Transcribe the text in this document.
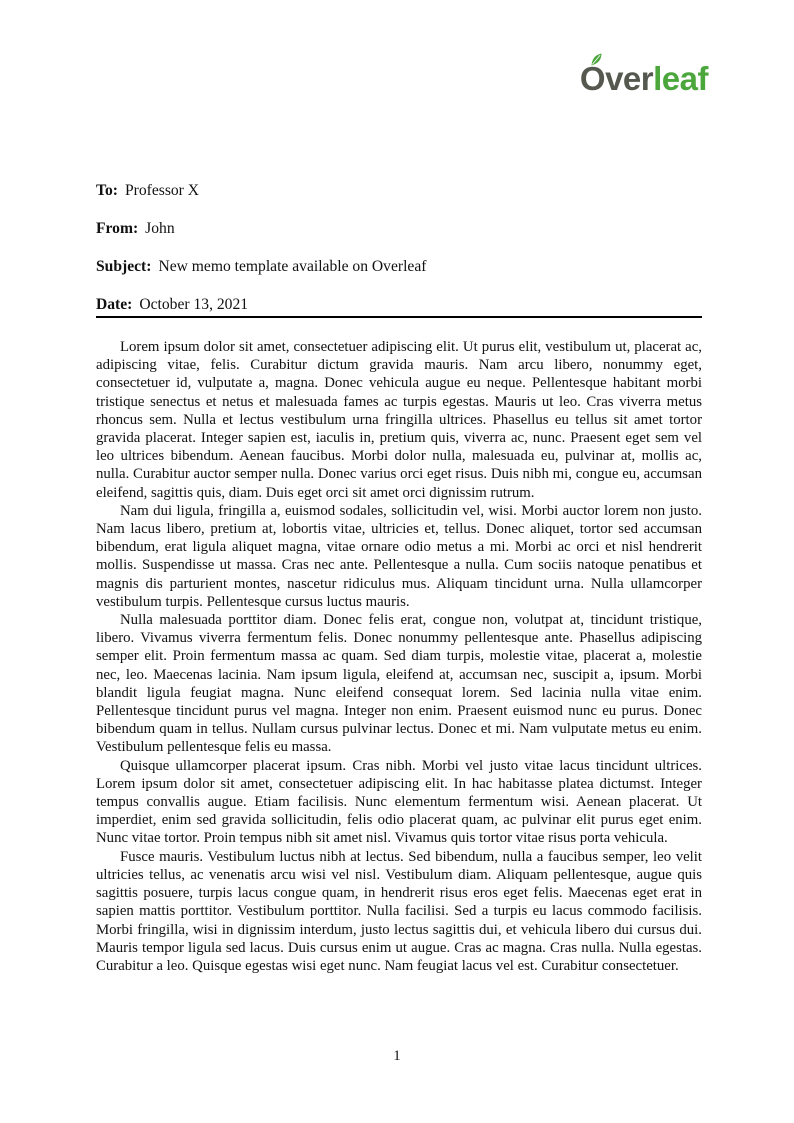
O
verleaf

To: Professor X

From: John

Subject: New memo template available on Overleaf

Date: October 13, 2021

Lorem ipsum dolor sit amet, consectetuer adipiscing elit. Ut purus elit, vestibulum ut, placerat ac, adipiscing vitae, felis. Curabitur dictum gravida mauris. Nam arcu libero, nonummy eget, consectetuer id, vulputate a, magna. Donec vehicula augue eu neque. Pellentesque habitant morbi tristique senectus et netus et malesuada fames ac turpis egestas. Mauris ut leo. Cras viverra metus rhoncus sem. Nulla et lectus vestibulum urna fringilla ultrices. Phasellus eu tellus sit amet tortor gravida placerat. Integer sapien est, iaculis in, pretium quis, viverra ac, nunc. Praesent eget sem vel leo ultrices bibendum. Aenean faucibus. Morbi dolor nulla, malesuada eu, pulvinar at, mollis ac, nulla. Curabitur auctor semper nulla. Donec varius orci eget risus. Duis nibh mi, congue eu, accumsan eleifend, sagittis quis, diam. Duis eget orci sit amet orci dignissim rutrum.

Nam dui ligula, fringilla a, euismod sodales, sollicitudin vel, wisi. Morbi auctor lorem non justo. Nam lacus libero, pretium at, lobortis vitae, ultricies et, tellus. Donec aliquet, tortor sed accumsan bibendum, erat ligula aliquet magna, vitae ornare odio metus a mi. Morbi ac orci et nisl hendrerit mollis. Suspendisse ut massa. Cras nec ante. Pellentesque a nulla. Cum sociis natoque penatibus et magnis dis parturient montes, nascetur ridiculus mus. Aliquam tincidunt urna. Nulla ullamcorper vestibulum turpis. Pellentesque cursus luctus mauris.

Nulla malesuada porttitor diam. Donec felis erat, congue non, volutpat at, tincidunt tristique, libero. Vivamus viverra fermentum felis. Donec nonummy pellentesque ante. Phasellus adipiscing semper elit. Proin fermentum massa ac quam. Sed diam turpis, molestie vitae, placerat a, molestie nec, leo. Maecenas lacinia. Nam ipsum ligula, eleifend at, accumsan nec, suscipit a, ipsum. Morbi blandit ligula feugiat magna. Nunc eleifend consequat lorem. Sed lacinia nulla vitae enim. Pellentesque tincidunt purus vel magna. Integer non enim. Praesent euismod nunc eu purus. Donec bibendum quam in tellus. Nullam cursus pulvinar lectus. Donec et mi. Nam vulputate metus eu enim. Vestibulum pellentesque felis eu massa.

Quisque ullamcorper placerat ipsum. Cras nibh. Morbi vel justo vitae lacus tincidunt ultrices. Lorem ipsum dolor sit amet, consectetuer adipiscing elit. In hac habitasse platea dictumst. Integer tempus convallis augue. Etiam facilisis. Nunc elementum fermentum wisi. Aenean placerat. Ut imperdiet, enim sed gravida sollicitudin, felis odio placerat quam, ac pulvinar elit purus eget enim. Nunc vitae tortor. Proin tempus nibh sit amet nisl. Vivamus quis tortor vitae risus porta vehicula.

Fusce mauris. Vestibulum luctus nibh at lectus. Sed bibendum, nulla a faucibus semper, leo velit ultricies tellus, ac venenatis arcu wisi vel nisl. Vestibulum diam. Aliquam pellentesque, augue quis sagittis posuere, turpis lacus congue quam, in hendrerit risus eros eget felis. Maecenas eget erat in sapien mattis porttitor. Vestibulum porttitor. Nulla facilisi. Sed a turpis eu lacus commodo facilisis. Morbi fringilla, wisi in dignissim interdum, justo lectus sagittis dui, et vehicula libero dui cursus dui. Mauris tempor ligula sed lacus. Duis cursus enim ut augue. Cras ac magna. Cras nulla. Nulla egestas. Curabitur a leo. Quisque egestas wisi eget nunc. Nam feugiat lacus vel est. Curabitur consectetuer.

1
